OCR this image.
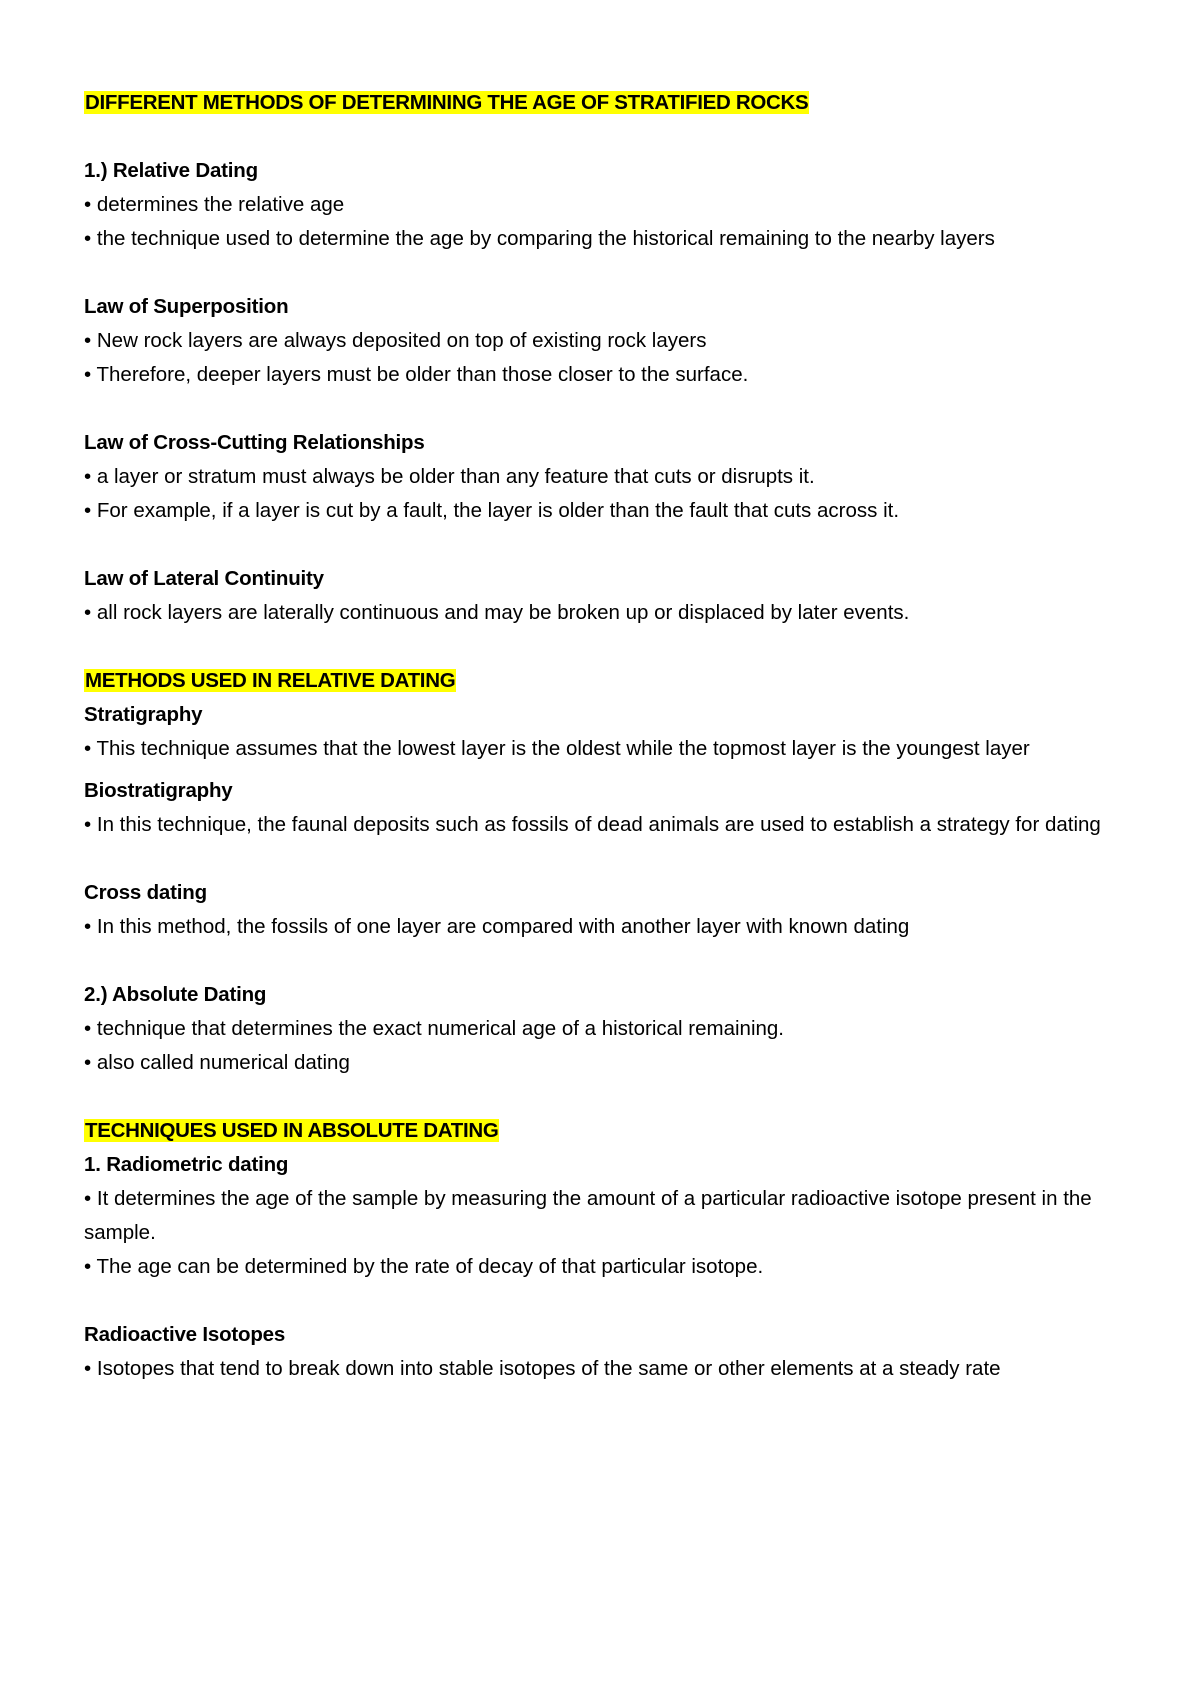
DIFFERENT METHODS OF DETERMINING THE AGE OF STRATIFIED ROCKS
1.) Relative Dating
• determines the relative age
• the technique used to determine the age by comparing the historical remaining to the nearby layers
Law of Superposition
• New rock layers are always deposited on top of existing rock layers
• Therefore, deeper layers must be older than those closer to the surface.
Law of Cross-Cutting Relationships
• a layer or stratum must always be older than any feature that cuts or disrupts it.
• For example, if a layer is cut by a fault, the layer is older than the fault that cuts across it.
Law of Lateral Continuity
• all rock layers are laterally continuous and may be broken up or displaced by later events.
METHODS USED IN RELATIVE DATING
Stratigraphy
• This technique assumes that the lowest layer is the oldest while the topmost layer is the youngest layer
Biostratigraphy
• In this technique, the faunal deposits such as fossils of dead animals are used to establish a strategy for dating
Cross dating
• In this method, the fossils of one layer are compared with another layer with known dating
2.) Absolute Dating
• technique that determines the exact numerical age of a historical remaining.
• also called numerical dating
TECHNIQUES USED IN ABSOLUTE DATING
1. Radiometric dating
• It determines the age of the sample by measuring the amount of a particular radioactive isotope present in the sample.
• The age can be determined by the rate of decay of that particular isotope.
Radioactive Isotopes
• Isotopes that tend to break down into stable isotopes of the same or other elements at a steady rate
